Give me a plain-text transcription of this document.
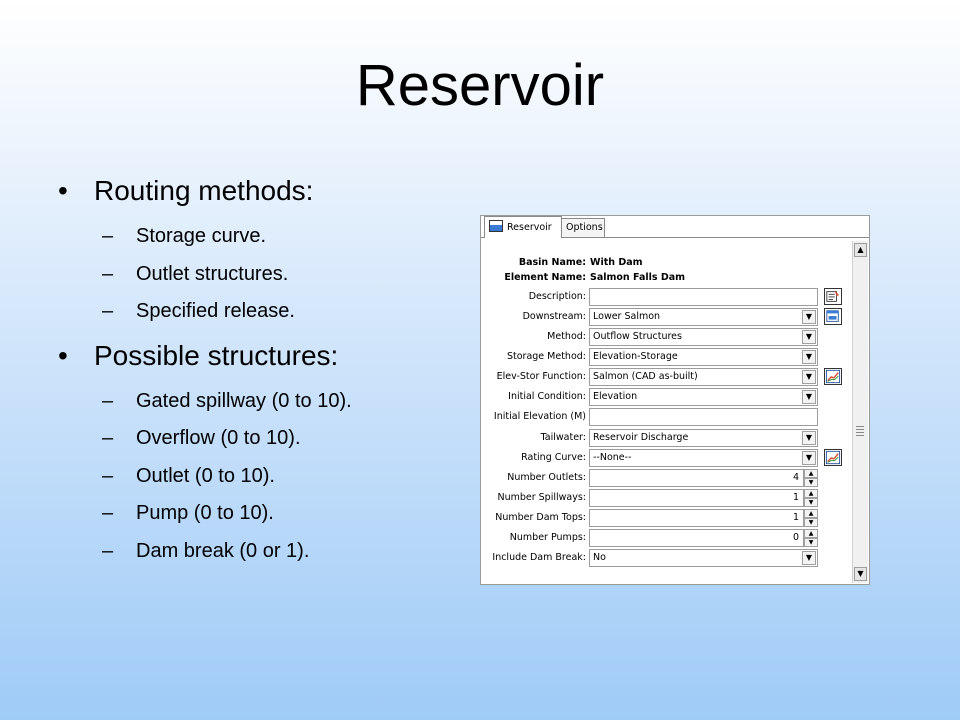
Reservoir
• Routing methods:
– Storage curve.
– Outlet structures.
– Specified release.
• Possible structures:
– Gated spillway (0 to 10).
– Overflow (0 to 10).
– Outlet (0 to 10).
– Pump (0 to 10).
– Dam break (0 or 1).
Reservoir	Options
▲
▼
Basin Name: With Dam
Element Name: Salmon Falls Dam
Description:
Downstream: Lower Salmon	▼
Method: Outflow Structures	▼
Storage Method: Elevation-Storage	▼
Elev-Stor Function: Salmon (CAD as-built)	▼
Initial Condition: Elevation	▼
Initial Elevation (M)
Tailwater: Reservoir Discharge	▼
Rating Curve: --None--	▼
Number Outlets:	4	▲
▼
Number Spillways:	1	▲
▼
Number Dam Tops:	1	▲
▼
Number Pumps:	0	▲
▼
Include Dam Break: No	▼
